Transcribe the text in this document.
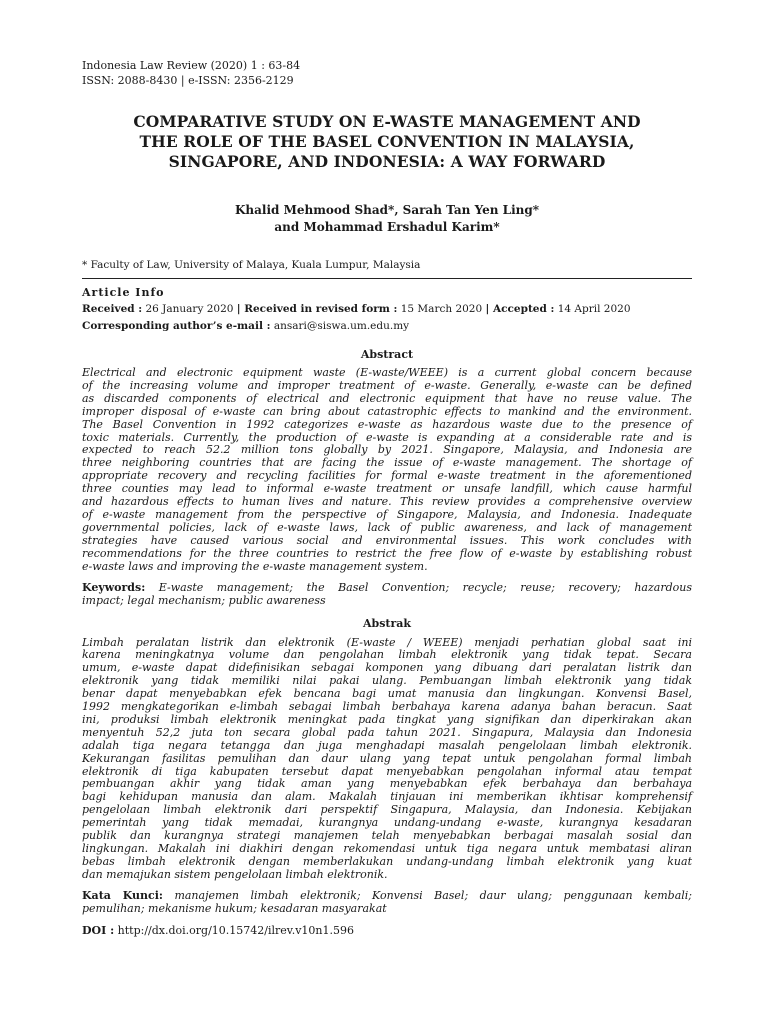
Indonesia Law Review (2020) 1 : 63-84
ISSN: 2088-8430 | e-ISSN: 2356-2129
COMPARATIVE STUDY ON E-WASTE MANAGEMENT AND
THE ROLE OF THE BASEL CONVENTION IN MALAYSIA,
SINGAPORE, AND INDONESIA: A WAY FORWARD
Khalid Mehmood Shad*, Sarah Tan Yen Ling*
and Mohammad Ershadul Karim*
* Faculty of Law, University of Malaya, Kuala Lumpur, Malaysia
Article Info
Received : 26 January 2020 | Received in revised form : 15 March 2020 | Accepted : 14 April 2020
Corresponding author’s e-mail : ansari@siswa.um.edu.my
Abstract
Electrical and electronic equipment waste (E-waste/WEEE) is a current global concern because
of the increasing volume and improper treatment of e-waste. Generally, e-waste can be defined
as discarded components of electrical and electronic equipment that have no reuse value. The
improper disposal of e-waste can bring about catastrophic effects to mankind and the environment.
The Basel Convention in 1992 categorizes e-waste as hazardous waste due to the presence of
toxic materials. Currently, the production of e-waste is expanding at a considerable rate and is
expected to reach 52.2 million tons globally by 2021. Singapore, Malaysia, and Indonesia are
three neighboring countries that are facing the issue of e-waste management. The shortage of
appropriate recovery and recycling facilities for formal e-waste treatment in the aforementioned
three counties may lead to informal e-waste treatment or unsafe landfill, which cause harmful
and hazardous effects to human lives and nature. This review provides a comprehensive overview
of e-waste management from the perspective of Singapore, Malaysia, and Indonesia. Inadequate
governmental policies, lack of e-waste laws, lack of public awareness, and lack of management
strategies have caused various social and environmental issues. This work concludes with
recommendations for the three countries to restrict the free flow of e-waste by establishing robust
e-waste laws and improving the e-waste management system.
Keywords: E-waste management; the Basel Convention; recycle; reuse; recovery; hazardous
impact; legal mechanism; public awareness
Abstrak
Limbah peralatan listrik dan elektronik (E-waste / WEEE) menjadi perhatian global saat ini
karena meningkatnya volume dan pengolahan limbah elektronik yang tidak tepat. Secara
umum, e-waste dapat didefinisikan sebagai komponen yang dibuang dari peralatan listrik dan
elektronik yang tidak memiliki nilai pakai ulang. Pembuangan limbah elektronik yang tidak
benar dapat menyebabkan efek bencana bagi umat manusia dan lingkungan. Konvensi Basel,
1992 mengkategorikan e-limbah sebagai limbah berbahaya karena adanya bahan beracun. Saat
ini, produksi limbah elektronik meningkat pada tingkat yang signifikan dan diperkirakan akan
menyentuh 52,2 juta ton secara global pada tahun 2021. Singapura, Malaysia dan Indonesia
adalah tiga negara tetangga dan juga menghadapi masalah pengelolaan limbah elektronik.
Kekurangan fasilitas pemulihan dan daur ulang yang tepat untuk pengolahan formal limbah
elektronik di tiga kabupaten tersebut dapat menyebabkan pengolahan informal atau tempat
pembuangan akhir yang tidak aman yang menyebabkan efek berbahaya dan berbahaya
bagi kehidupan manusia dan alam. Makalah tinjauan ini memberikan ikhtisar komprehensif
pengelolaan limbah elektronik dari perspektif Singapura, Malaysia, dan Indonesia. Kebijakan
pemerintah yang tidak memadai, kurangnya undang-undang e-waste, kurangnya kesadaran
publik dan kurangnya strategi manajemen telah menyebabkan berbagai masalah sosial dan
lingkungan. Makalah ini diakhiri dengan rekomendasi untuk tiga negara untuk membatasi aliran
bebas limbah elektronik dengan memberlakukan undang-undang limbah elektronik yang kuat
dan memajukan sistem pengelolaan limbah elektronik.
Kata Kunci: manajemen limbah elektronik; Konvensi Basel; daur ulang; penggunaan kembali;
pemulihan; mekanisme hukum; kesadaran masyarakat
DOI : http://dx.doi.org/10.15742/ilrev.v10n1.596
